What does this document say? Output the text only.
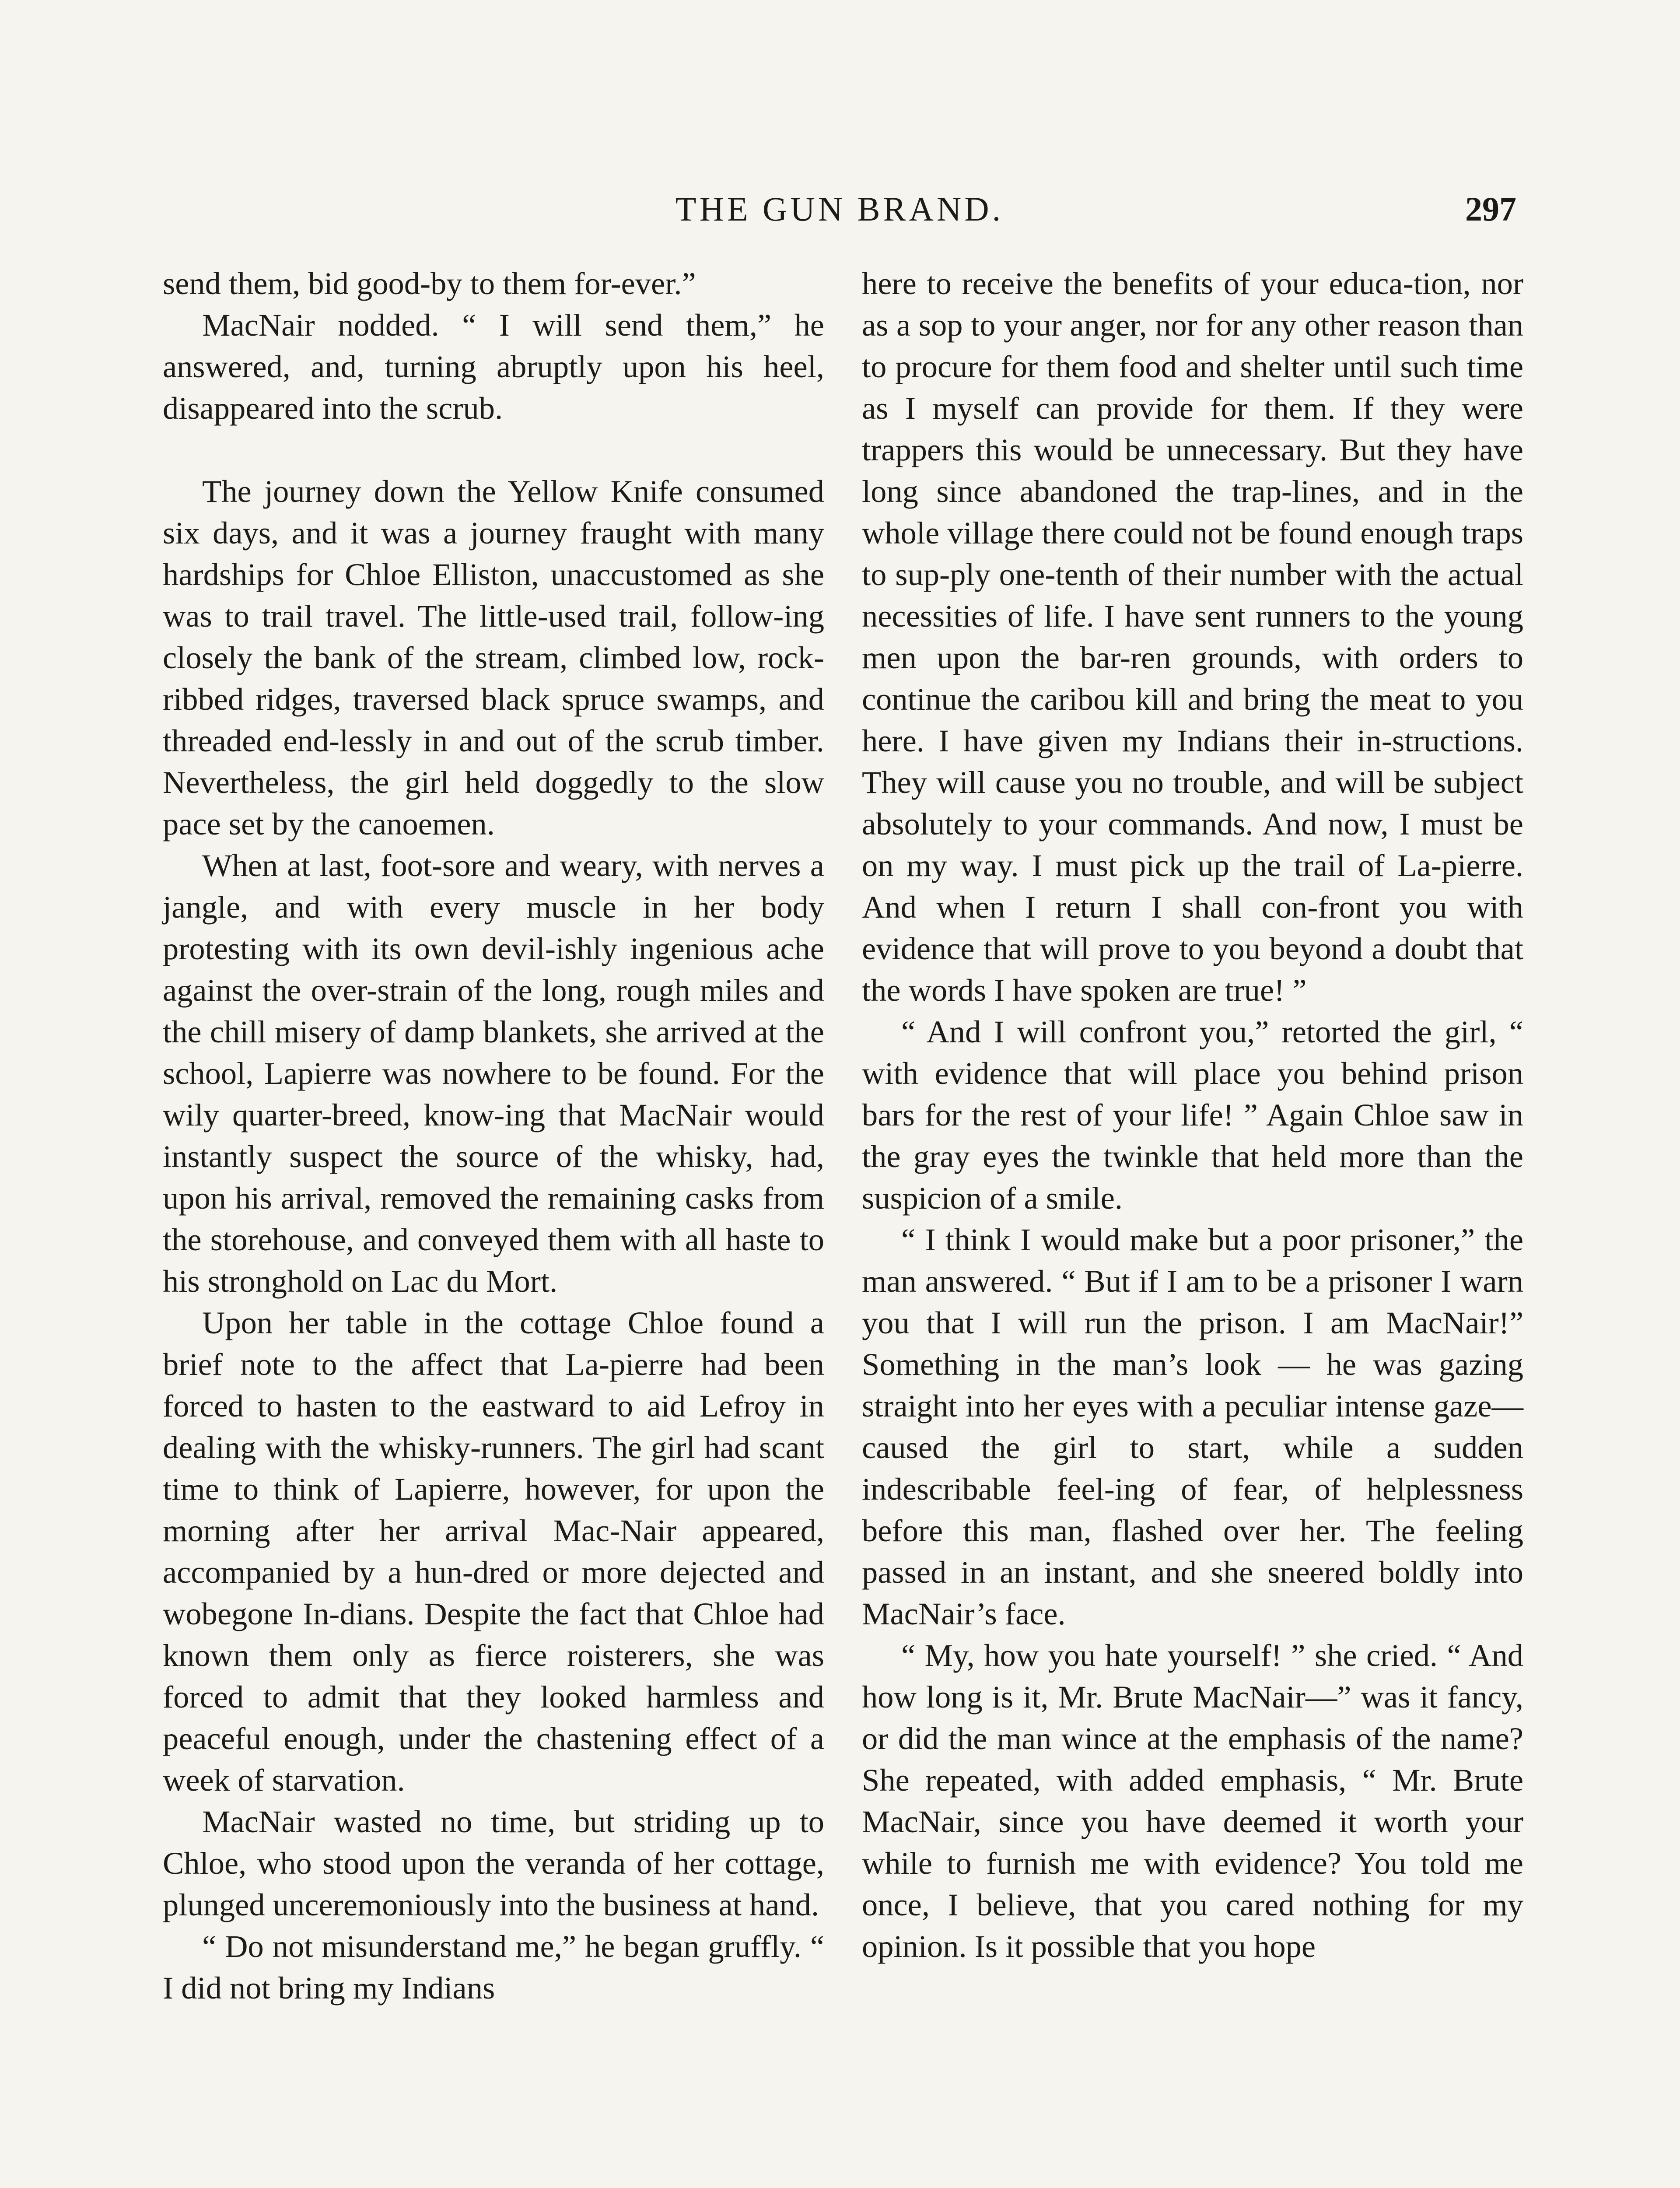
THE GUN BRAND.	297

send them, bid good-by to them for-ever.”

MacNair nodded. “ I will send them,” he answered, and, turning abruptly upon his heel, disappeared into the scrub.

The journey down the Yellow Knife consumed six days, and it was a journey fraught with many hardships for Chloe Elliston, unaccustomed as she was to trail travel. The little-used trail, follow-ing closely the bank of the stream, climbed low, rock-ribbed ridges, traversed black spruce swamps, and threaded end-lessly in and out of the scrub timber. Nevertheless, the girl held doggedly to the slow pace set by the canoemen.

When at last, foot-sore and weary, with nerves a jangle, and with every muscle in her body protesting with its own devil-ishly ingenious ache against the over-strain of the long, rough miles and the chill misery of damp blankets, she arrived at the school, Lapierre was nowhere to be found. For the wily quarter-breed, know-ing that MacNair would instantly suspect the source of the whisky, had, upon his arrival, removed the remaining casks from the storehouse, and conveyed them with all haste to his stronghold on Lac du Mort.

Upon her table in the cottage Chloe found a brief note to the affect that La-pierre had been forced to hasten to the eastward to aid Lefroy in dealing with the whisky-runners. The girl had scant time to think of Lapierre, however, for upon the morning after her arrival Mac-Nair appeared, accompanied by a hun-dred or more dejected and wobegone In-dians. Despite the fact that Chloe had known them only as fierce roisterers, she was forced to admit that they looked harmless and peaceful enough, under the chastening effect of a week of starvation.

MacNair wasted no time, but striding up to Chloe, who stood upon the veranda of her cottage, plunged unceremoniously into the business at hand.

“ Do not misunderstand me,” he began gruffly. “ I did not bring my Indians

here to receive the benefits of your educa-tion, nor as a sop to your anger, nor for any other reason than to procure for them food and shelter until such time as I myself can provide for them. If they were trappers this would be unnecessary. But they have long since abandoned the trap-lines, and in the whole village there could not be found enough traps to sup-ply one-tenth of their number with the actual necessities of life. I have sent runners to the young men upon the bar-ren grounds, with orders to continue the caribou kill and bring the meat to you here. I have given my Indians their in-structions. They will cause you no trouble, and will be subject absolutely to your commands. And now, I must be on my way. I must pick up the trail of La-pierre. And when I return I shall con-front you with evidence that will prove to you beyond a doubt that the words I have spoken are true! ”

“ And I will confront you,” retorted the girl, “ with evidence that will place you behind prison bars for the rest of your life! ” Again Chloe saw in the gray eyes the twinkle that held more than the suspicion of a smile.

“ I think I would make but a poor prisoner,” the man answered. “ But if I am to be a prisoner I warn you that I will run the prison. I am MacNair!” Something in the man’s look — he was gazing straight into her eyes with a peculiar intense gaze—caused the girl to start, while a sudden indescribable feel-ing of fear, of helplessness before this man, flashed over her. The feeling passed in an instant, and she sneered boldly into MacNair’s face.

“ My, how you hate yourself! ” she cried. “ And how long is it, Mr. Brute MacNair—” was it fancy, or did the man wince at the emphasis of the name? She repeated, with added emphasis, “ Mr. Brute MacNair, since you have deemed it worth your while to furnish me with evidence? You told me once, I believe, that you cared nothing for my opinion. Is it possible that you hope
